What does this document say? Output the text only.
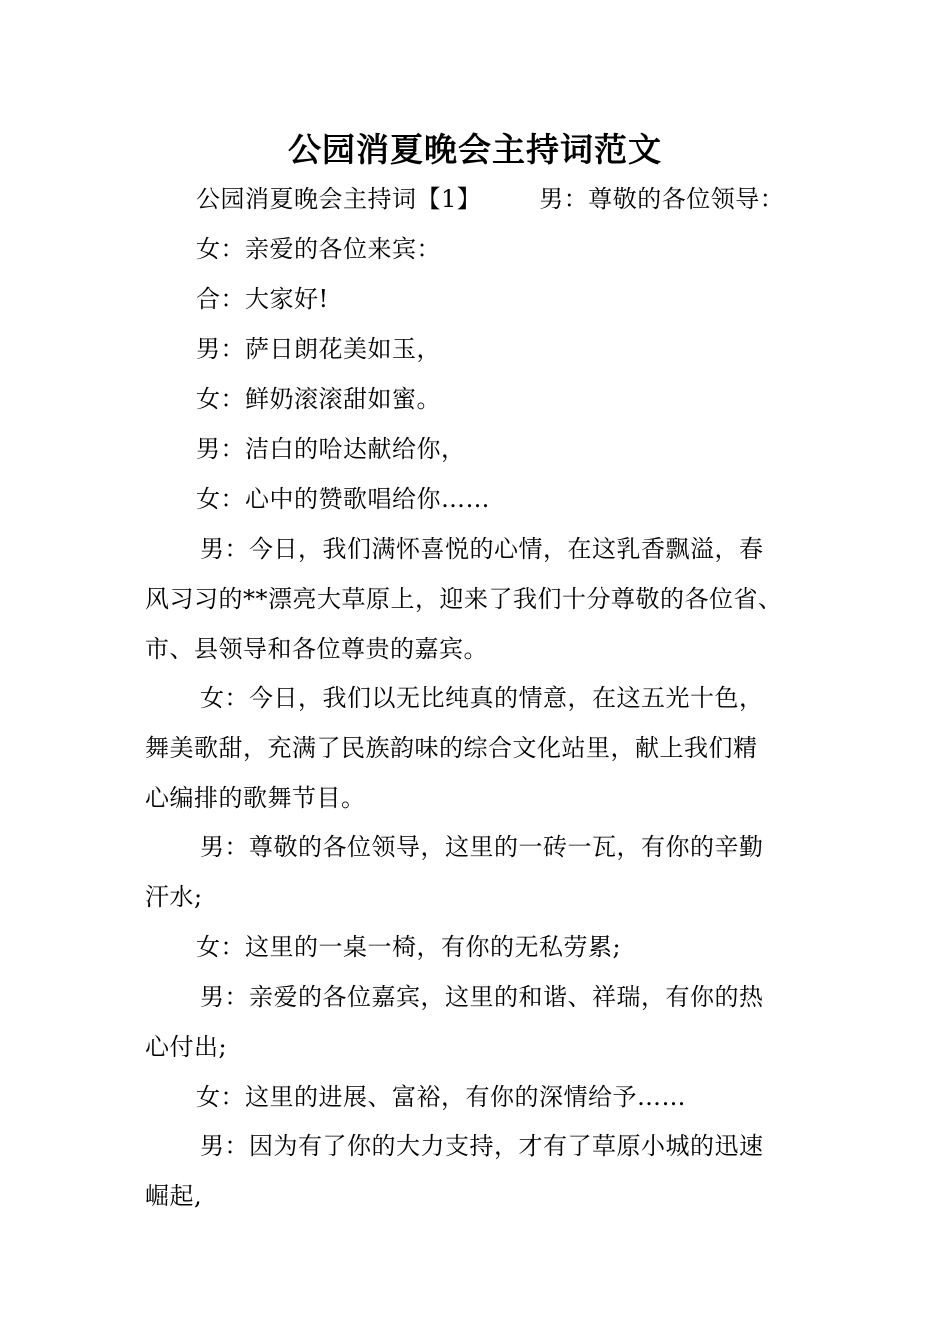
公园消夏晚会主持词范文
公园消夏晚会主持词【1】 男：尊敬的各位领导：
女：亲爱的各位来宾：
合：大家好!
男：萨日朗花美如玉，
女：鲜奶滚滚甜如蜜。
男：洁白的哈达献给你，
女：心中的赞歌唱给你……
男：今日，我们满怀喜悦的心情，在这乳香飘溢，春
风习习的**漂亮大草原上，迎来了我们十分尊敬的各位省、
市、县领导和各位尊贵的嘉宾。
女：今日，我们以无比纯真的情意，在这五光十色，
舞美歌甜，充满了民族韵味的综合文化站里，献上我们精
心编排的歌舞节目。
男：尊敬的各位领导，这里的一砖一瓦，有你的辛勤
汗水;
女：这里的一桌一椅，有你的无私劳累;
男：亲爱的各位嘉宾，这里的和谐、祥瑞，有你的热
心付出;
女：这里的进展、富裕，有你的深情给予……
男：因为有了你的大力支持，才有了草原小城的迅速
崛起,
